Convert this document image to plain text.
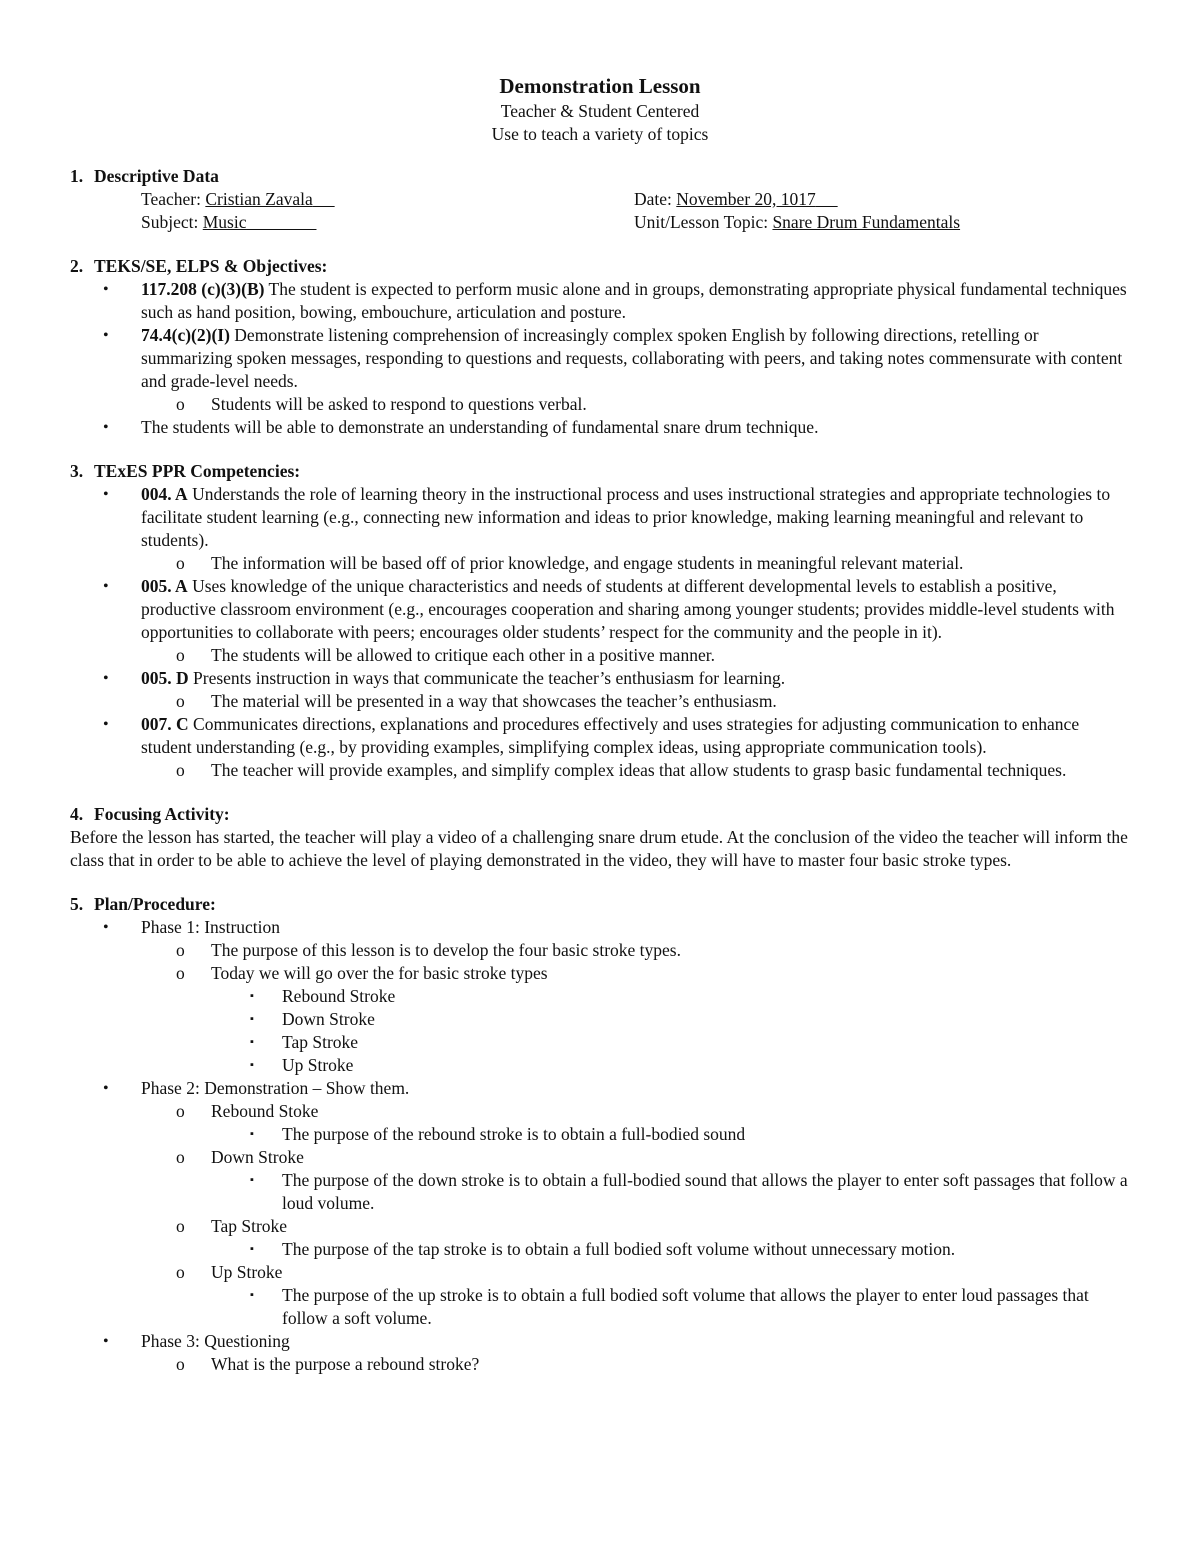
Demonstration Lesson
Teacher & Student Centered
Use to teach a variety of topics
1. Descriptive Data
Teacher: Cristian Zavala	Date: November 20, 1017
Subject: Music	Unit/Lesson Topic: Snare Drum Fundamentals
2. TEKS/SE, ELPS & Objectives:
• 117.208 (c)(3)(B) The student is expected to perform music alone and in groups, demonstrating appropriate physical fundamental techniques such as hand position, bowing, embouchure, articulation and posture.
• 74.4(c)(2)(I) Demonstrate listening comprehension of increasingly complex spoken English by following directions, retelling or summarizing spoken messages, responding to questions and requests, collaborating with peers, and taking notes commensurate with content and grade-level needs.
o Students will be asked to respond to questions verbal.
• The students will be able to demonstrate an understanding of fundamental snare drum technique.
3. TExES PPR Competencies:
• 004. A Understands the role of learning theory in the instructional process and uses instructional strategies and appropriate technologies to facilitate student learning (e.g., connecting new information and ideas to prior knowledge, making learning meaningful and relevant to students).
o The information will be based off of prior knowledge, and engage students in meaningful relevant material.
• 005. A Uses knowledge of the unique characteristics and needs of students at different developmental levels to establish a positive, productive classroom environment (e.g., encourages cooperation and sharing among younger students; provides middle-level students with opportunities to collaborate with peers; encourages older students’ respect for the community and the people in it).
o The students will be allowed to critique each other in a positive manner.
• 005. D Presents instruction in ways that communicate the teacher’s enthusiasm for learning.
o The material will be presented in a way that showcases the teacher’s enthusiasm.
• 007. C Communicates directions, explanations and procedures effectively and uses strategies for adjusting communication to enhance student understanding (e.g., by providing examples, simplifying complex ideas, using appropriate communication tools).
o The teacher will provide examples, and simplify complex ideas that allow students to grasp basic fundamental techniques.
4. Focusing Activity:
Before the lesson has started, the teacher will play a video of a challenging snare drum etude. At the conclusion of the video the teacher will inform the class that in order to be able to achieve the level of playing demonstrated in the video, they will have to master four basic stroke types.
5. Plan/Procedure:
• Phase 1: Instruction
o The purpose of this lesson is to develop the four basic stroke types.
o Today we will go over the for basic stroke types
▪ Rebound Stroke
▪ Down Stroke
▪ Tap Stroke
▪ Up Stroke
• Phase 2: Demonstration – Show them.
o Rebound Stoke
▪ The purpose of the rebound stroke is to obtain a full-bodied sound
o Down Stroke
▪ The purpose of the down stroke is to obtain a full-bodied sound that allows the player to enter soft passages that follow a loud volume.
o Tap Stroke
▪ The purpose of the tap stroke is to obtain a full bodied soft volume without unnecessary motion.
o Up Stroke
▪ The purpose of the up stroke is to obtain a full bodied soft volume that allows the player to enter loud passages that follow a soft volume.
• Phase 3: Questioning
o What is the purpose a rebound stroke?
